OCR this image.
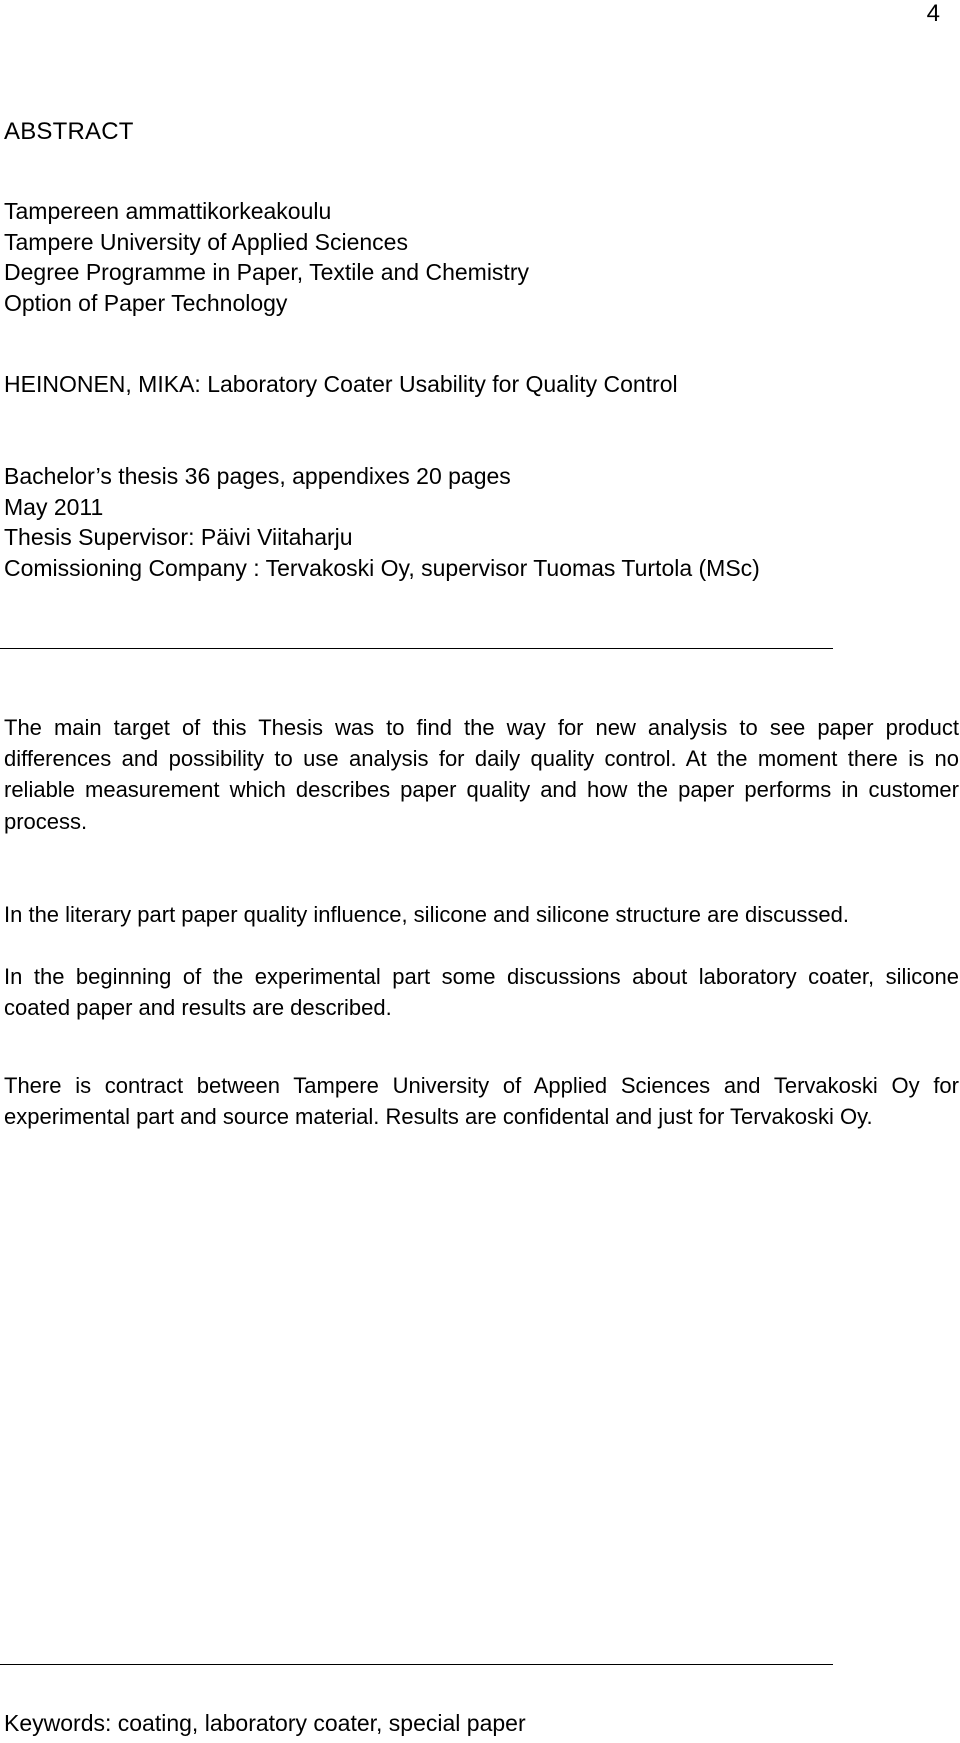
4
ABSTRACT
Tampereen ammattikorkeakoulu
Tampere University of Applied Sciences
Degree Programme in Paper, Textile and Chemistry
Option of Paper Technology
HEINONEN, MIKA: Laboratory Coater Usability for Quality Control
Bachelor’s thesis 36 pages, appendixes 20 pages
May 2011
Thesis Supervisor: Päivi Viitaharju
Comissioning Company : Tervakoski Oy, supervisor Tuomas Turtola (MSc)

The main target of this Thesis was to find the way for new analysis to see paper product differences and possibility to use analysis for daily quality control. At the moment there is no reliable measurement which describes paper quality and how the paper performs in customer process.

In the literary part paper quality influence, silicone and silicone structure are discussed.

In the beginning of the experimental part some discussions about laboratory coater, silicone coated paper and results are described.

There is contract between Tampere University of Applied Sciences and Tervakoski Oy for experimental part and source material. Results are confidental and just for Tervakoski Oy.

Keywords: coating, laboratory coater, special paper
